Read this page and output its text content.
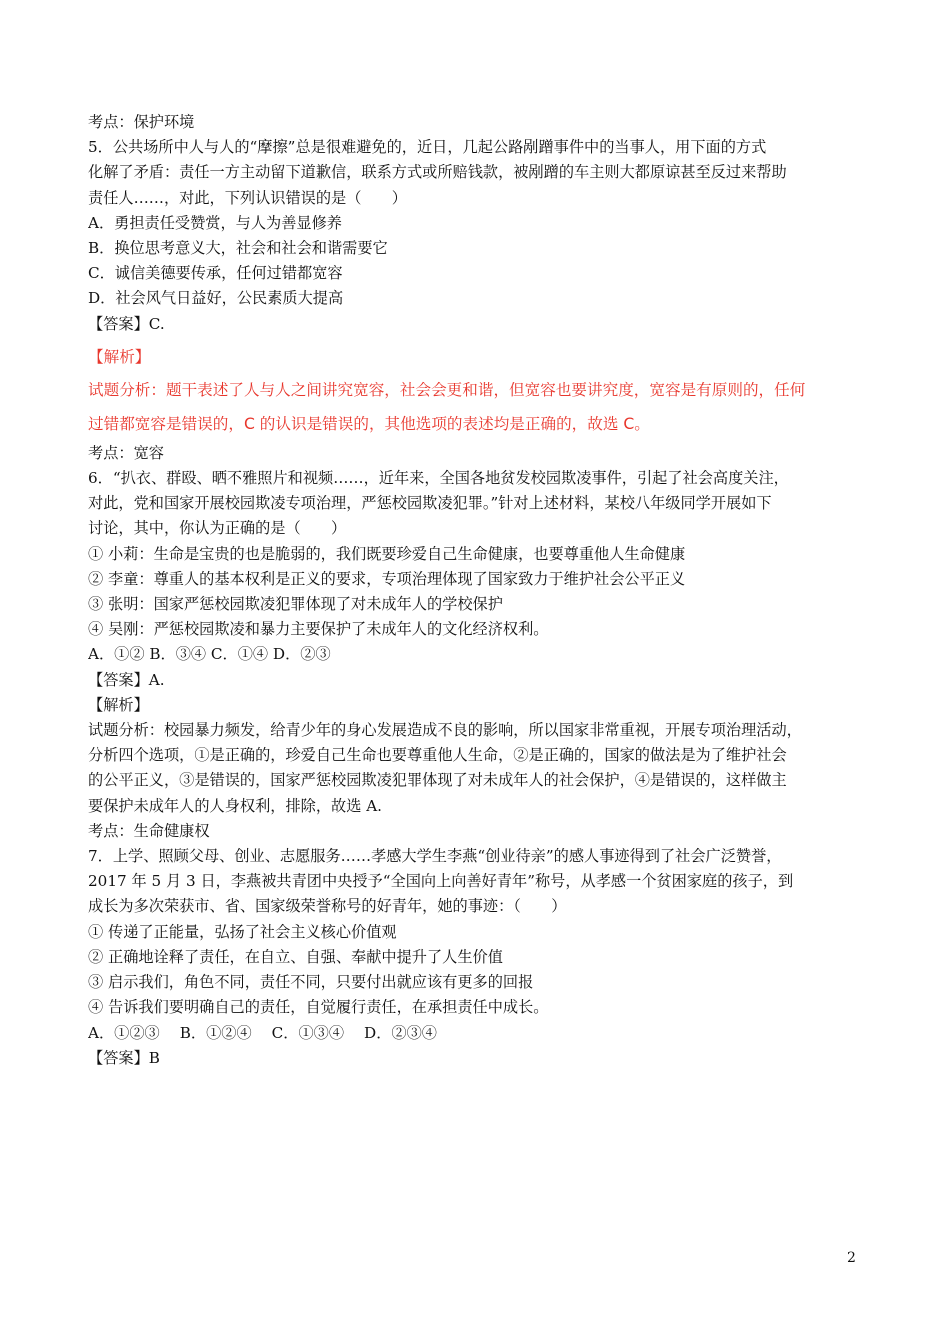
考点：保护环境
5．公共场所中人与人的“摩擦”总是很难避免的，近日，几起公路剐蹭事件中的当事人，用下面的方式
化解了矛盾：责任一方主动留下道歉信，联系方式或所赔钱款，被剐蹭的车主则大都原谅甚至反过来帮助
责任人……，对此，下列认识错误的是（　　）
A．勇担责任受赞赏，与人为善显修养
B．换位思考意义大，社会和社会和谐需要它
C．诚信美德要传承，任何过错都宽容
D．社会风气日益好，公民素质大提高
【答案】C.
【解析】
试题分析：题干表述了人与人之间讲究宽容，社会会更和谐，但宽容也要讲究度，宽容是有原则的，任何
过错都宽容是错误的，C 的认识是错误的，其他选项的表述均是正确的，故选 C。
考点：宽容
6．“扒衣、群殴、晒不雅照片和视频……，近年来，全国各地贫发校园欺凌事件，引起了社会高度关注，
对此，党和国家开展校园欺凌专项治理，严惩校园欺凌犯罪。”针对上述材料，某校八年级同学开展如下
讨论，其中，你认为正确的是（　　）
① 小莉：生命是宝贵的也是脆弱的，我们既要珍爱自己生命健康，也要尊重他人生命健康
② 李童：尊重人的基本权利是正义的要求，专项治理体现了国家致力于维护社会公平正义
③ 张明：国家严惩校园欺凌犯罪体现了对未成年人的学校保护
④ 吴刚：严惩校园欺凌和暴力主要保护了未成年人的文化经济权利。
A．①② B．③④ C．①④ D．②③
【答案】A.
【解析】
试题分析：校园暴力频发，给青少年的身心发展造成不良的影响，所以国家非常重视，开展专项治理活动，
分析四个选项，①是正确的，珍爱自己生命也要尊重他人生命，②是正确的，国家的做法是为了维护社会
的公平正义，③是错误的，国家严惩校园欺凌犯罪体现了对未成年人的社会保护，④是错误的，这样做主
要保护未成年人的人身权利，排除，故选 A.
考点：生命健康权
7．上学、照顾父母、创业、志愿服务……孝感大学生李燕“创业待亲”的感人事迹得到了社会广泛赞誉，
2017 年 5 月 3 日，李燕被共青团中央授予“全国向上向善好青年”称号，从孝感一个贫困家庭的孩子，到
成长为多次荣获市、省、国家级荣誉称号的好青年，她的事迹：（　　）
① 传递了正能量，弘扬了社会主义核心价值观
② 正确地诠释了责任，在自立、自强、奉献中提升了人生价值
③ 启示我们，角色不同，责任不同，只要付出就应该有更多的回报
④ 告诉我们要明确自己的责任，自觉履行责任，在承担责任中成长。
A．①②③　 B．①②④　 C．①③④　 D．②③④
【答案】B
2
